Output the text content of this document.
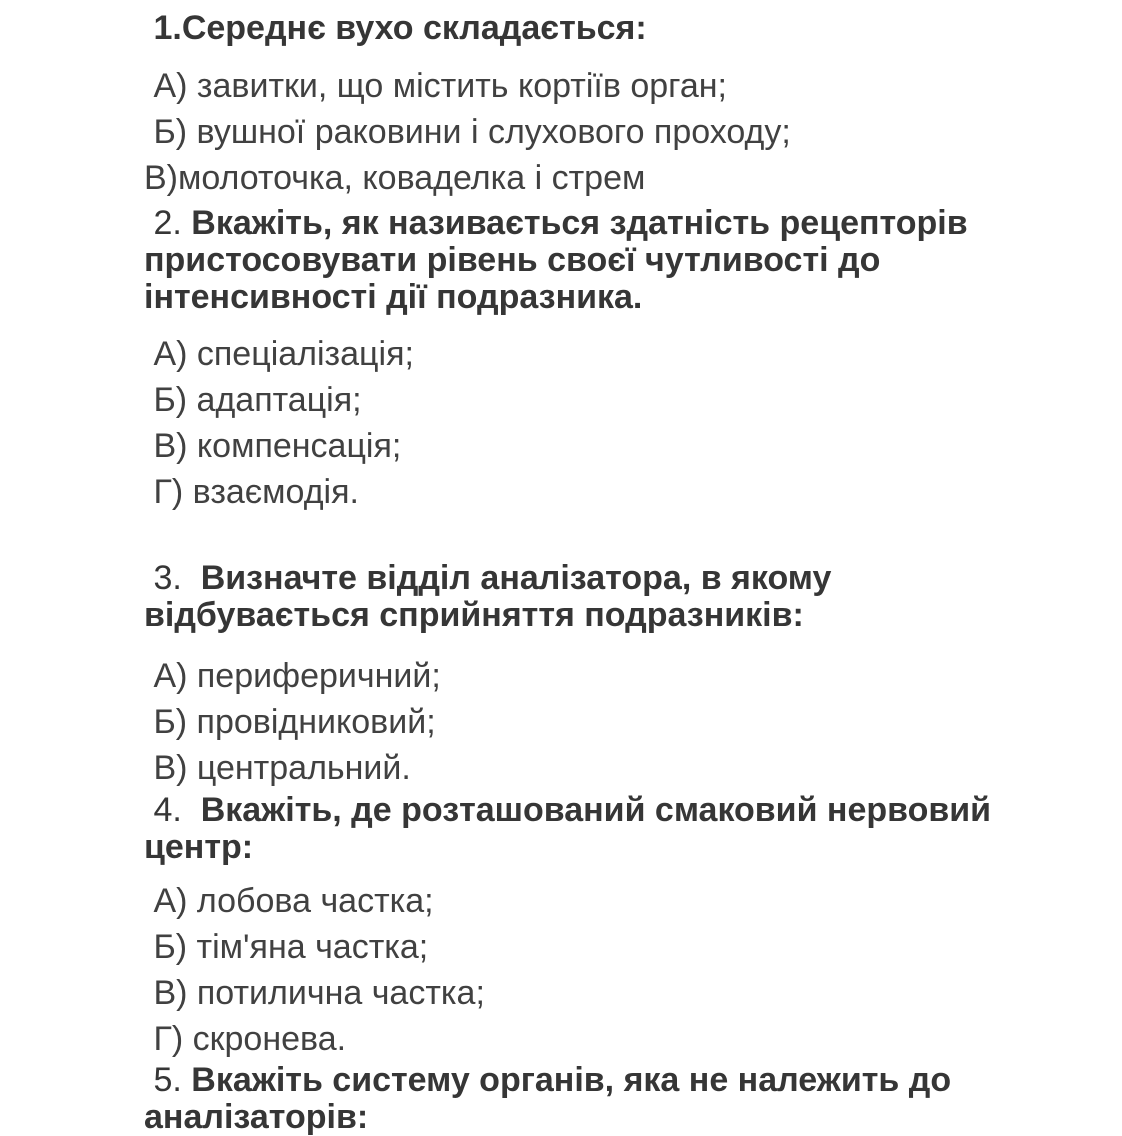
1.Середнє вухо складається:

А) завитки, що містить кортіїв орган;

Б) вушної раковини і слухового проходу;

В)молоточка, коваделка і стрем

2. Вкажіть, як називається здатність рецепторів пристосовувати рівень своєї чутливості до інтенсивності дії подразника.

А) спеціалізація;

Б) адаптація;

В) компенсація;

Г) взаємодія.

3.  Визначте відділ аналізатора, в якому відбувається сприйняття подразників:

А) периферичний;

Б) провідниковий;

В) центральний.

4.  Вкажіть, де розташований смаковий нервовий центр:

А) лобова частка;

Б) тім'яна частка;

В) потилична частка;

Г) скронева.

5. Вкажіть систему органів, яка не належить до аналізаторів:
